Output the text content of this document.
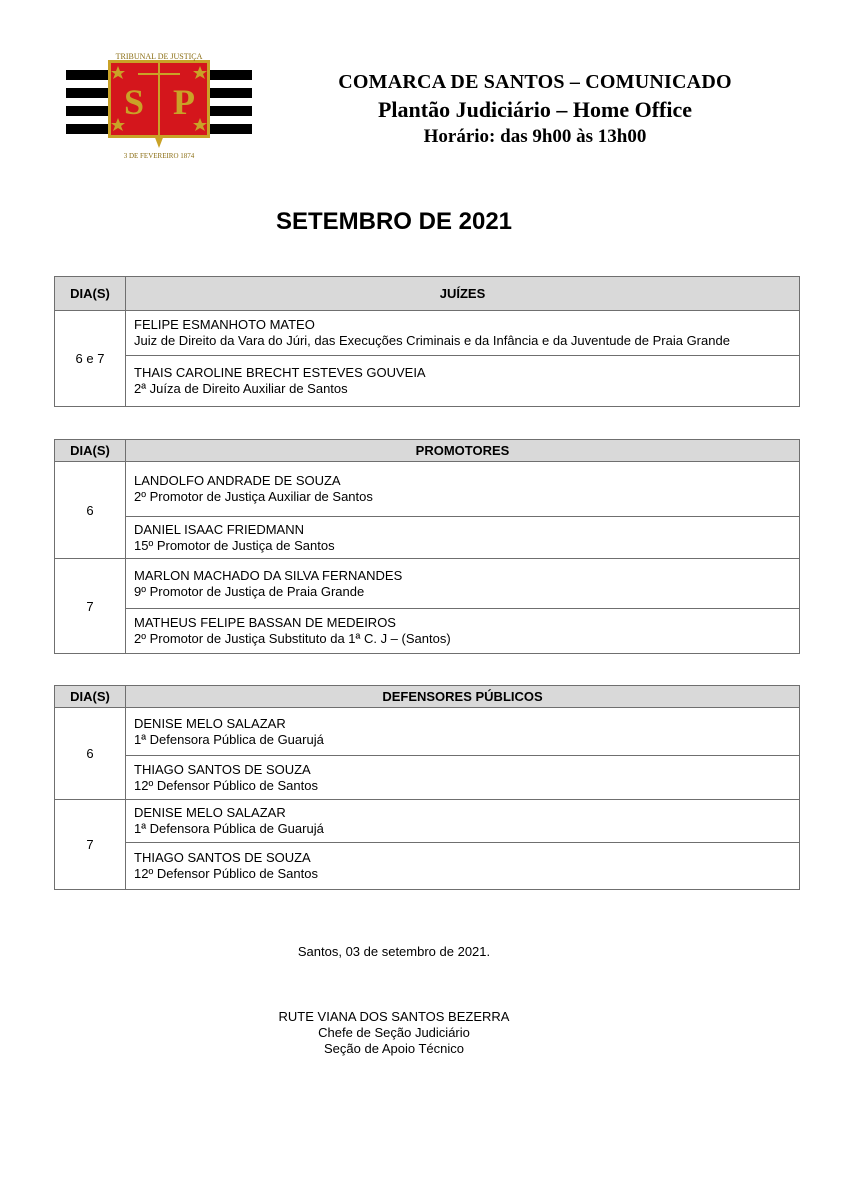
S P
TRIBUNAL DE JUSTIÇA
3 DE FEVEREIRO 1874
COMARCA DE SANTOS – COMUNICADO
Plantão Judiciário – Home Office
Horário: das 9h00 às 13h00
SETEMBRO DE 2021
DIA(S)	JUÍZES
6 e 7	FELIPE ESMANHOTO MATEO
Juiz de Direito da Vara do Júri, das Execuções Criminais e da Infância e da Juventude de Praia Grande

	THAIS CAROLINE BRECHT ESTEVES GOUVEIA
2ª Juíza de Direito Auxiliar de Santos
DIA(S)	PROMOTORES
6	LANDOLFO ANDRADE DE SOUZA
2º Promotor de Justiça Auxiliar de Santos

	DANIEL ISAAC FRIEDMANN
15º Promotor de Justiça de Santos

7	MARLON MACHADO DA SILVA FERNANDES
9º Promotor de Justiça de Praia Grande

	MATHEUS FELIPE BASSAN DE MEDEIROS
2º Promotor de Justiça Substituto da 1ª C. J – (Santos)
DIA(S)	DEFENSORES PÚBLICOS
6	DENISE MELO SALAZAR
1ª Defensora Pública de Guarujá

	THIAGO SANTOS DE SOUZA
12º Defensor Público de Santos

7	DENISE MELO SALAZAR
1ª Defensora Pública de Guarujá

	THIAGO SANTOS DE SOUZA
12º Defensor Público de Santos
Santos, 03 de setembro de 2021.
RUTE VIANA DOS SANTOS BEZERRA
Chefe de Seção Judiciário
Seção de Apoio Técnico
